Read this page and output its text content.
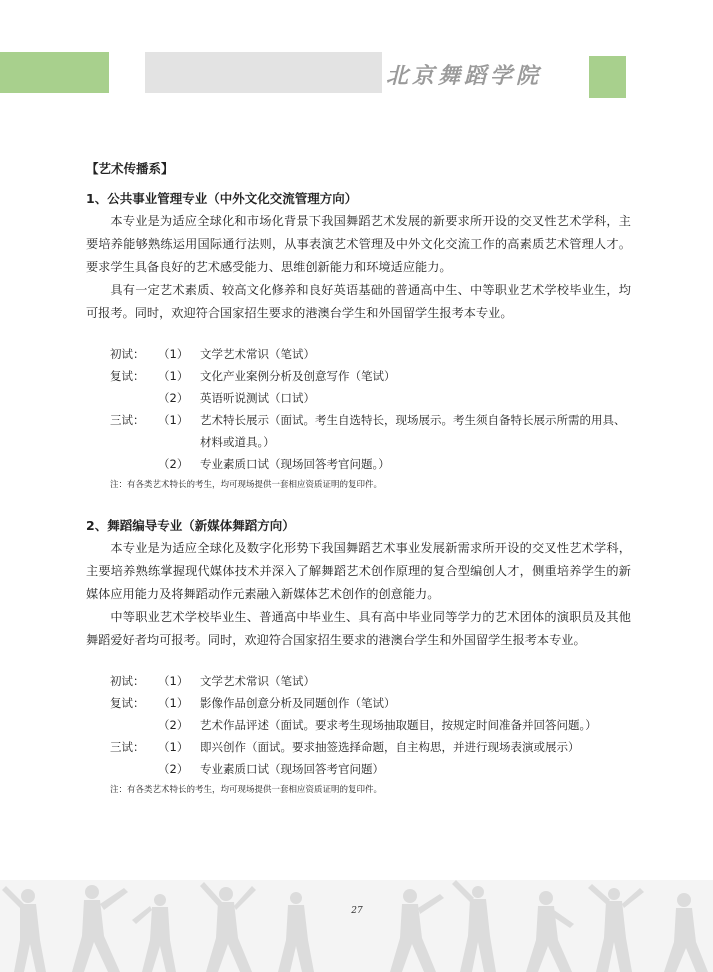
北京舞蹈学院
【艺术传播系】
1、公共事业管理专业（中外文化交流管理方向）

本专业是为适应全球化和市场化背景下我国舞蹈艺术发展的新要求所开设的交叉性艺术学科，主要培养能够熟练运用国际通行法则，从事表演艺术管理及中外文化交流工作的高素质艺术管理人才。要求学生具备良好的艺术感受能力、思维创新能力和环境适应能力。

具有一定艺术素质、较高文化修养和良好英语基础的普通高中生、中等职业艺术学校毕业生，均可报考。同时，欢迎符合国家招生要求的港澳台学生和外国留学生报考本专业。

初试：	（1）	文学艺术常识（笔试）
复试：	（1）	文化产业案例分析及创意写作（笔试）
（2）	英语听说测试（口试）
三试：	（1）	艺术特长展示（面试。考生自选特长，现场展示。考生须自备特长展示所需的用具、材料或道具。）
（2）	专业素质口试（现场回答考官问题。）
注：有各类艺术特长的考生，均可现场提供一套相应资质证明的复印件。
2、舞蹈编导专业（新媒体舞蹈方向）

本专业是为适应全球化及数字化形势下我国舞蹈艺术事业发展新需求所开设的交叉性艺术学科，主要培养熟练掌握现代媒体技术并深入了解舞蹈艺术创作原理的复合型编创人才，侧重培养学生的新媒体应用能力及将舞蹈动作元素融入新媒体艺术创作的创意能力。

中等职业艺术学校毕业生、普通高中毕业生、具有高中毕业同等学力的艺术团体的演职员及其他舞蹈爱好者均可报考。同时，欢迎符合国家招生要求的港澳台学生和外国留学生报考本专业。

初试：	（1）	文学艺术常识（笔试）
复试：	（1）	影像作品创意分析及同题创作（笔试）
（2）	艺术作品评述（面试。要求考生现场抽取题目，按规定时间准备并回答问题。）
三试：	（1）	即兴创作（面试。要求抽签选择命题，自主构思，并进行现场表演或展示）
（2）	专业素质口试（现场回答考官问题）
注：有各类艺术特长的考生，均可现场提供一套相应资质证明的复印件。
27
